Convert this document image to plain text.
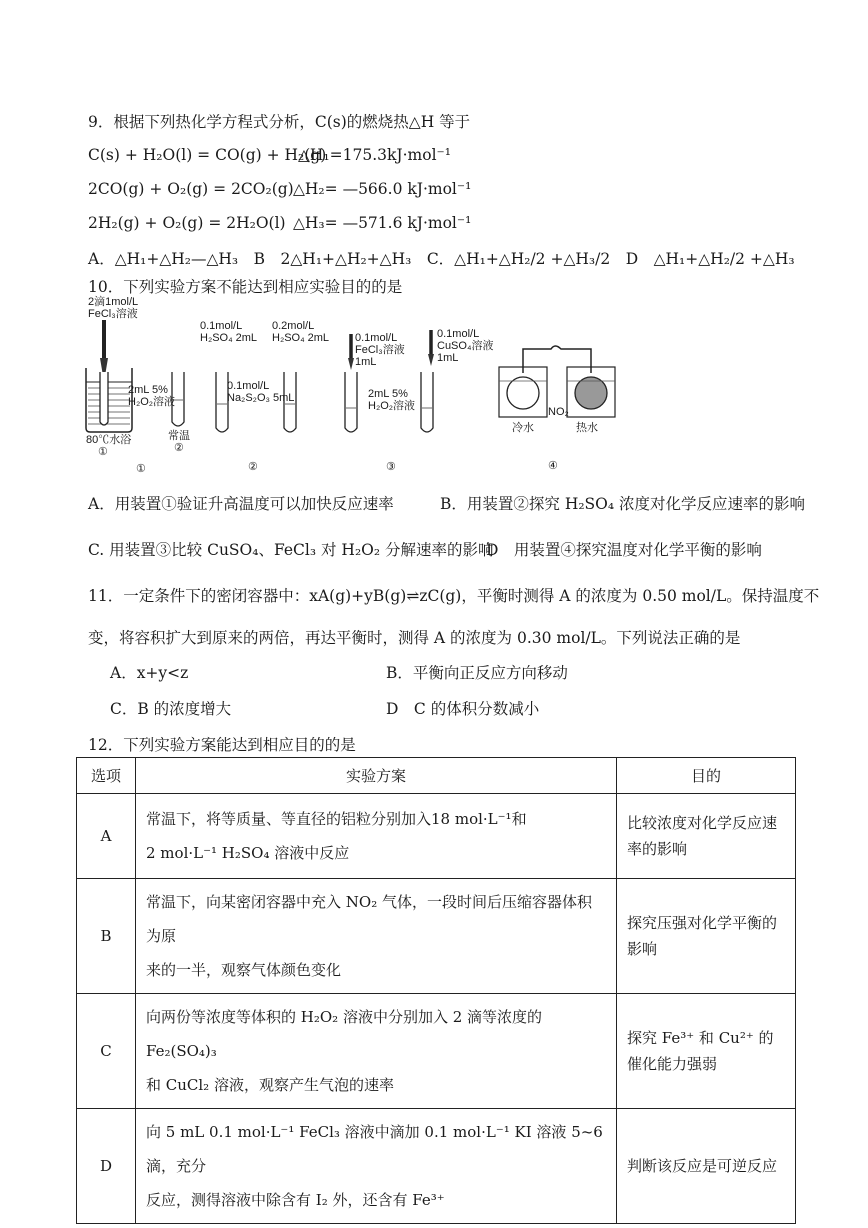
9．根据下列热化学方程式分析，C(s)的燃烧热△H 等于
C(s) + H₂O(l) = CO(g) + H₂(g)
△H₁=175.3kJ·mol⁻¹
2CO(g) + O₂(g) = 2CO₂(g) △H₂= —566.0 kJ·mol⁻¹
2H₂(g) + O₂(g) = 2H₂O(l) △H₃= —571.6 kJ·mol⁻¹
A．△H₁+△H₂—△H₃　B　2△H₁+△H₂+△H₃　C．△H₁+△H₂/2 +△H₃/2　D　△H₁+△H₂/2 +△H₃
10．下列实验方案不能达到相应实验目的的是
2滴1mol/L
FeCl₃溶液
2mL 5%
H₂O₂溶液
80℃水浴
①
常温
②
①
0.1mol/L
H₂SO₄ 2mL
0.2mol/L
H₂SO₄ 2mL
0.1mol/L
Na₂S₂O₃ 5mL
②
0.1mol/L
FeCl₃溶液
1mL
0.1mol/L
CuSO₄溶液
1mL
2mL 5%
H₂O₂溶液
③
NO₂
冷水	热水
④
A．用装置①验证升高温度可以加快反应速率	B．用装置②探究 H₂SO₄ 浓度对化学反应速率的影响
C. 用装置③比较 CuSO₄、FeCl₃ 对 H₂O₂ 分解速率的影响
D　用装置④探究温度对化学平衡的影响
11．一定条件下的密闭容器中：xA(g)+yB(g)⇌zC(g)，平衡时测得 A 的浓度为 0.50 mol/L。保持温度不
变，将容积扩大到原来的两倍，再达平衡时，测得 A 的浓度为 0.30 mol/L。下列说法正确的是
A．x+y<z	B．平衡向正反应方向移动
C．B 的浓度增大	D　C 的体积分数减小
12．下列实验方案能达到相应目的的是
选项	实验方案	目的
A	常温下，将等质量、等直径的铝粒分别加入18 mol·L⁻¹和
2 mol·L⁻¹ H₂SO₄ 溶液中反应	比较浓度对化学反应速率的影响
B	常温下，向某密闭容器中充入 NO₂ 气体，一段时间后压缩容器体积为原
来的一半，观察气体颜色变化	探究压强对化学平衡的影响
C	向两份等浓度等体积的 H₂O₂ 溶液中分别加入 2 滴等浓度的 Fe₂(SO₄)₃
和 CuCl₂ 溶液，观察产生气泡的速率	探究 Fe³⁺ 和 Cu²⁺ 的催化能力强弱
D	向 5 mL 0.1 mol·L⁻¹ FeCl₃ 溶液中滴加 0.1 mol·L⁻¹ KI 溶液 5~6 滴，充分
反应，测得溶液中除含有 I₂ 外，还含有 Fe³⁺	判断该反应是可逆反应
